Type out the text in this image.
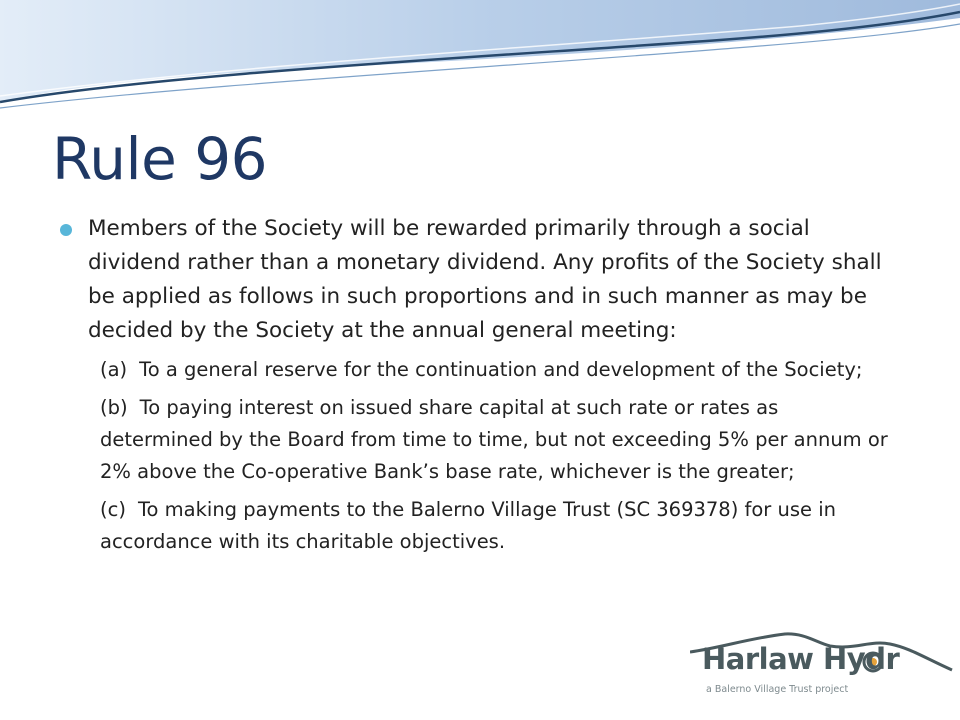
Rule 96
Members of the Society will be rewarded primarily through a social dividend rather than a monetary dividend. Any profits of the Society shall be applied as follows in such proportions and in such manner as may be decided by the Society at the annual general meeting:
(a) To a general reserve for the continuation and development of the Society;
(b) To paying interest on issued share capital at such rate or rates as determined by the Board from time to time, but not exceeding 5% per annum or 2% above the Co-operative Bank’s base rate, whichever is the greater;
(c) To making payments to the Balerno Village Trust (SC 369378) for use in accordance with its charitable objectives.
Harlaw Hydr
a Balerno Village Trust project
